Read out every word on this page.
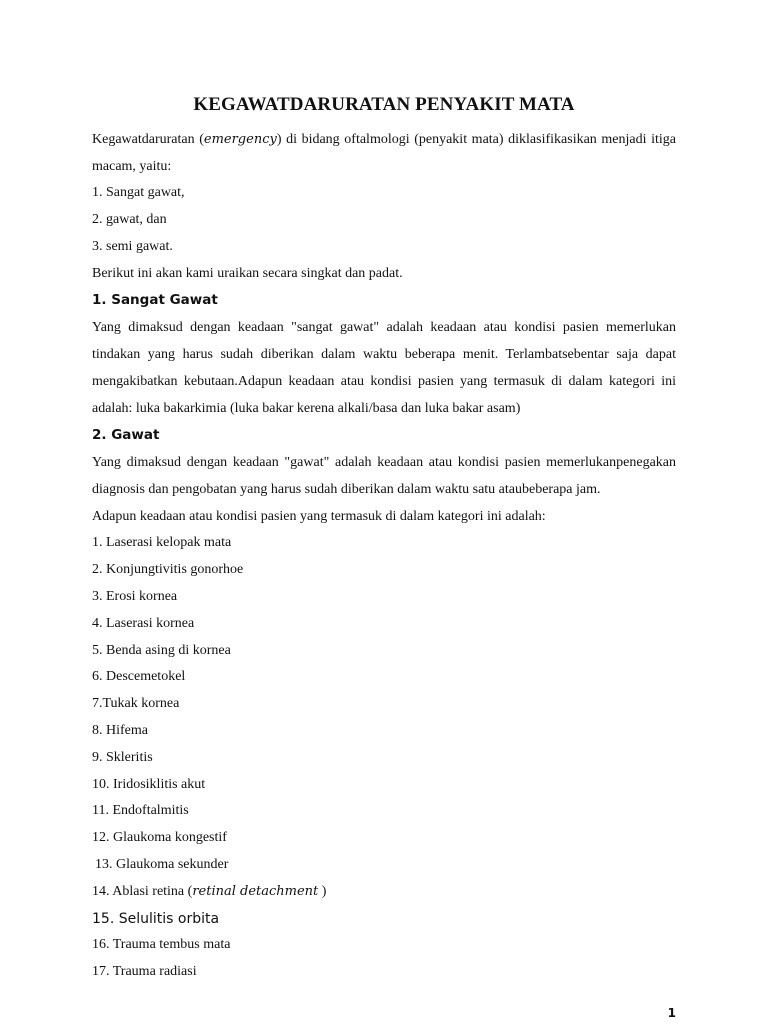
KEGAWATDARURATAN PENYAKIT MATA

Kegawatdaruratan (emergency) di bidang oftalmologi (penyakit mata) diklasifikasikan menjadi itiga macam, yaitu:

1. Sangat gawat,
2. gawat, dan
3. semi gawat.

Berikut ini akan kami uraikan secara singkat dan padat.

1. Sangat Gawat

Yang dimaksud dengan keadaan "sangat gawat" adalah keadaan atau kondisi pasien memerlukan tindakan yang harus sudah diberikan dalam waktu beberapa menit. Terlambatsebentar saja dapat mengakibatkan kebutaan.Adapun keadaan atau kondisi pasien yang termasuk di dalam kategori ini adalah: luka bakarkimia (luka bakar kerena alkali/basa dan luka bakar asam)

2. Gawat

Yang dimaksud dengan keadaan "gawat" adalah keadaan atau kondisi pasien memerlukanpenegakan diagnosis dan pengobatan yang harus sudah diberikan dalam waktu satu ataubeberapa jam.

Adapun keadaan atau kondisi pasien yang termasuk di dalam kategori ini adalah:

1. Laserasi kelopak mata
2. Konjungtivitis gonorhoe
3. Erosi kornea
4. Laserasi kornea
5. Benda asing di kornea
6. Descemetokel
7.Tukak kornea
8. Hifema
9. Skleritis
10. Iridosiklitis akut
11. Endoftalmitis
12. Glaukoma kongestif
13. Glaukoma sekunder
14. Ablasi retina (retinal detachment )
15. Selulitis orbita
16. Trauma tembus mata
17. Trauma radiasi
1
